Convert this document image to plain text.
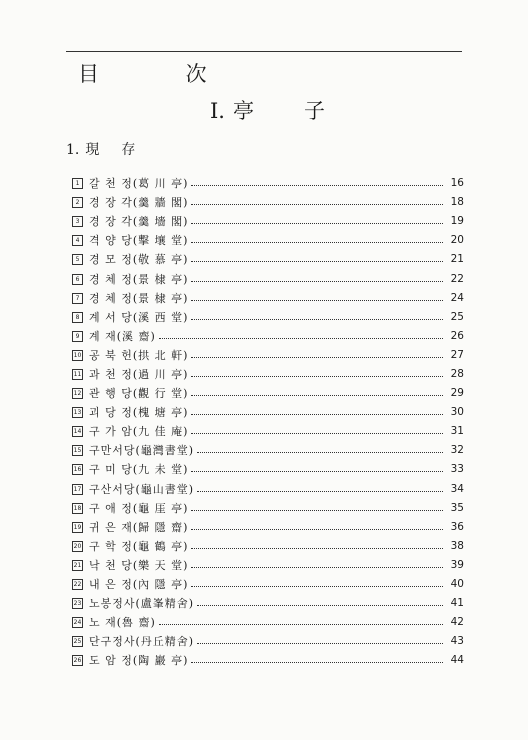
目 次
I. 亭 子
1. 現 存
1 갈 천 정(葛 川 亭)	16
2 경 장 각(羹 牆 閣)	18
3 경 장 각(羹 墻 閣)	19
4 격 양 당(擊 壤 堂)	20
5 경 모 정(敬 慕 亭)	21
6 경 체 정(景 棣 亭)	22
7 경 체 정(景 棣 亭)	24
8 계 서 당(溪 西 堂)	25
9 계 재(溪 齋)	26
10 공 북 헌(拱 北 軒)	27
11 과 천 정(過 川 亭)	28
12 관 행 당(觀 行 堂)	29
13 괴 당 정(槐 塘 亭)	30
14 구 가 암(九 佳 庵)	31
15 구만서당(龜灣書堂)	32
16 구 미 당(九 未 堂)	33
17 구산서당(龜山書堂)	34
18 구 애 정(龜 厓 亭)	35
19 귀 은 재(歸 隱 齋)	36
20 구 학 정(龜 鶴 亭)	38
21 낙 천 당(樂 天 堂)	39
22 내 은 정(內 隱 亭)	40
23 노봉정사(盧峯精舍)	41
24 노 재(魯 齋)	42
25 단구정사(丹丘精舍)	43
26 도 암 정(陶 巖 亭)	44
